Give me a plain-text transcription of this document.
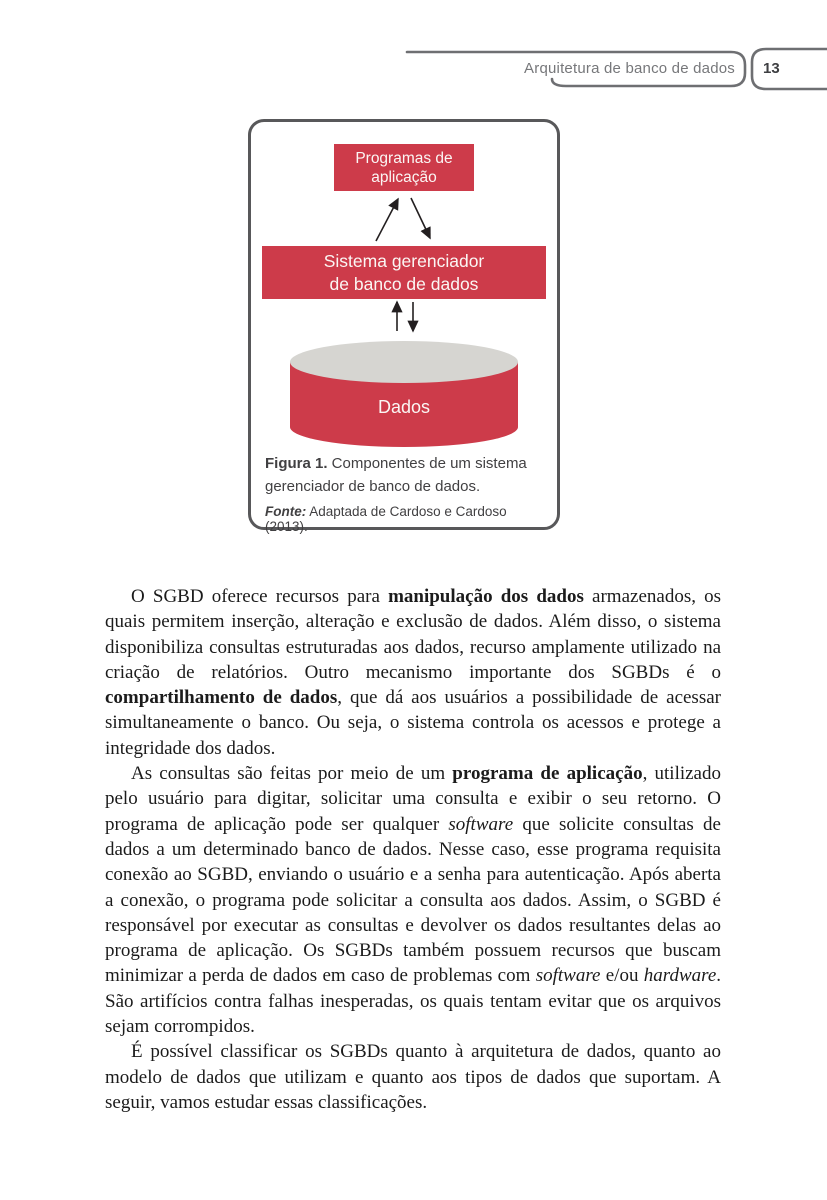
Arquitetura de banco de dados 13
Programas de aplicação
Sistema gerenciador de banco de dados
Dados
Figura 1. Componentes de um sistema gerenciador de banco de dados.
Fonte: Adaptada de Cardoso e Cardoso (2013).

O SGBD oferece recursos para manipulação dos dados armazenados, os quais permitem inserção, alteração e exclusão de dados. Além disso, o sistema disponibiliza consultas estruturadas aos dados, recurso amplamente utilizado na criação de relatórios. Outro mecanismo importante dos SGBDs é o compartilhamento de dados, que dá aos usuários a possibilidade de acessar simultaneamente o banco. Ou seja, o sistema controla os acessos e protege a integridade dos dados.

As consultas são feitas por meio de um programa de aplicação, utilizado pelo usuário para digitar, solicitar uma consulta e exibir o seu retorno. O programa de aplicação pode ser qualquer software que solicite consultas de dados a um determinado banco de dados. Nesse caso, esse programa requisita conexão ao SGBD, enviando o usuário e a senha para autenticação. Após aberta a conexão, o programa pode solicitar a consulta aos dados. Assim, o SGBD é responsável por executar as consultas e devolver os dados resultantes delas ao programa de aplicação. Os SGBDs também possuem recursos que buscam minimizar a perda de dados em caso de problemas com software e/ou hardware. São artifícios contra falhas inesperadas, os quais tentam evitar que os arquivos sejam corrompidos.

É possível classificar os SGBDs quanto à arquitetura de dados, quanto ao modelo de dados que utilizam e quanto aos tipos de dados que suportam. A seguir, vamos estudar essas classificações.
